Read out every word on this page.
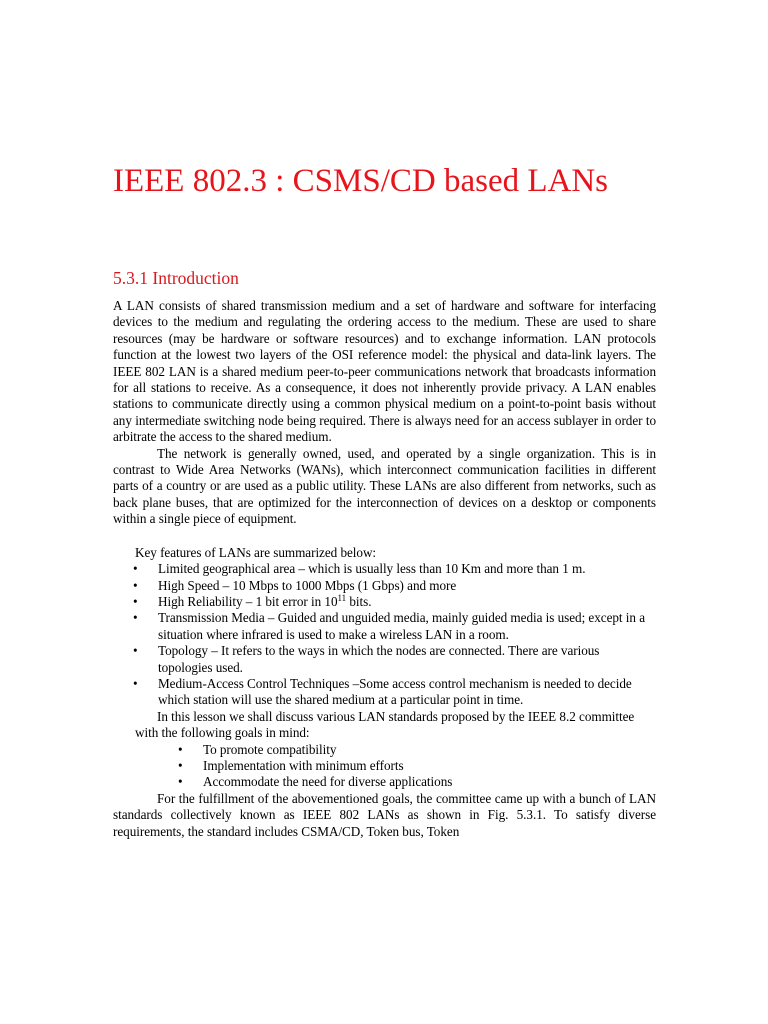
IEEE 802.3 : CSMS/CD based LANs
5.3.1 Introduction

A LAN consists of shared transmission medium and a set of hardware and software for interfacing devices to the medium and regulating the ordering access to the medium. These are used to share resources (may be hardware or software resources) and to exchange information. LAN protocols function at the lowest two layers of the OSI reference model: the physical and data-link layers. The IEEE 802 LAN is a shared medium peer-to-peer communications network that broadcasts information for all stations to receive. As a consequence, it does not inherently provide privacy. A LAN enables stations to communicate directly using a common physical medium on a point-to-point basis without any intermediate switching node being required. There is always need for an access sublayer in order to arbitrate the access to the shared medium.

The network is generally owned, used, and operated by a single organization. This is in contrast to Wide Area Networks (WANs), which interconnect communication facilities in different parts of a country or are used as a public utility. These LANs are also different from networks, such as back plane buses, that are optimized for the interconnection of devices on a desktop or components within a single piece of equipment.

Key features of LANs are summarized below:

• Limited geographical area – which is usually less than 10 Km and more than 1 m.
• High Speed – 10 Mbps to 1000 Mbps (1 Gbps) and more
• High Reliability – 1 bit error in $10^{11}$ bits.
• Transmission Media – Guided and unguided media, mainly guided media is used; except in a situation where infrared is used to make a wireless LAN in a room.
• Topology – It refers to the ways in which the nodes are connected. There are various topologies used.
• Medium-Access Control Techniques –Some access control mechanism is needed to decide which station will use the shared medium at a particular point in time.

In this lesson we shall discuss various LAN standards proposed by the IEEE 8.2 committee with the following goals in mind:

• To promote compatibility
• Implementation with minimum efforts
• Accommodate the need for diverse applications

For the fulfillment of the abovementioned goals, the committee came up with a bunch of LAN standards collectively known as IEEE 802 LANs as shown in Fig. 5.3.1. To satisfy diverse requirements, the standard includes CSMA/CD, Token bus, Token
